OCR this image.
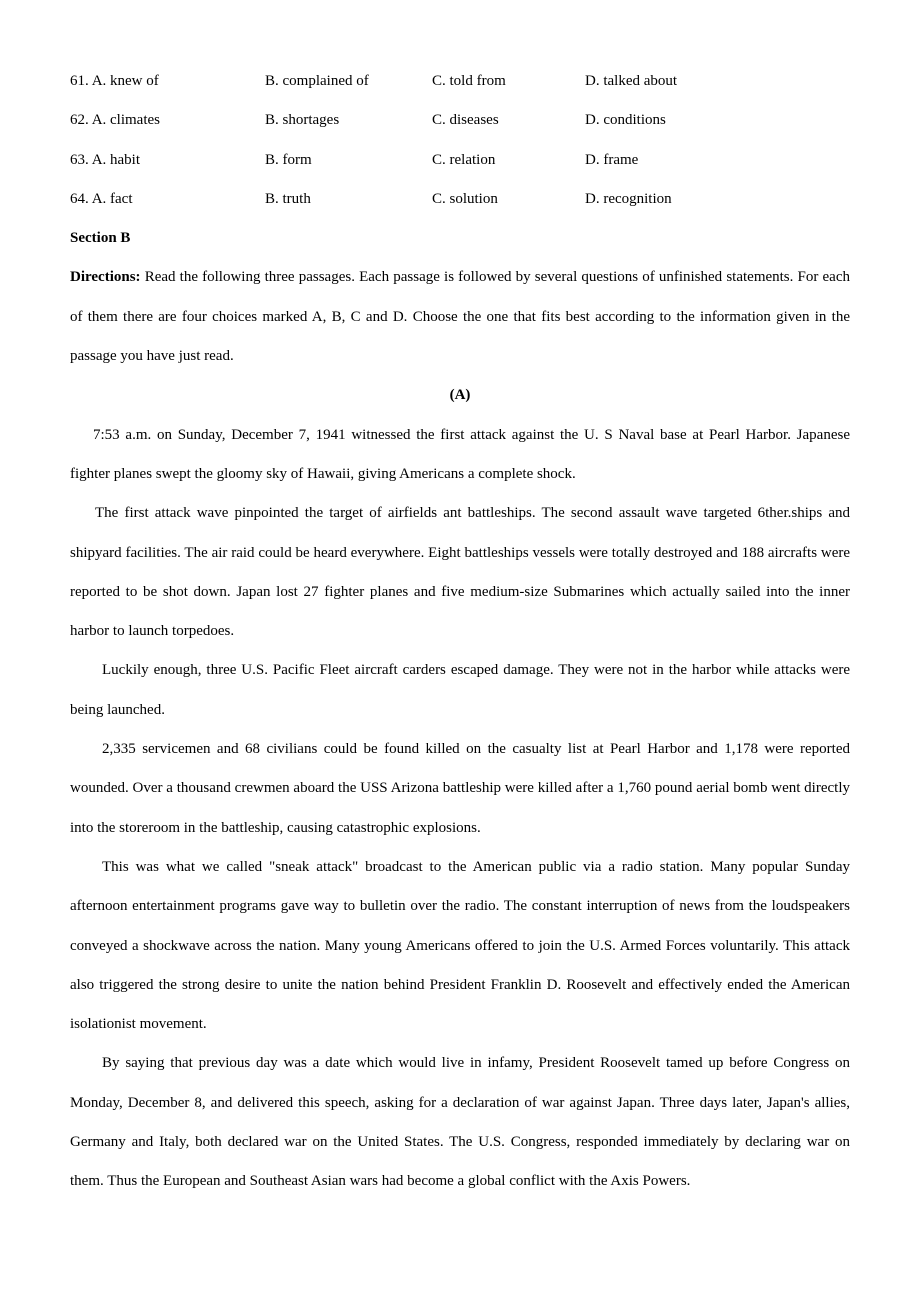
61. A. knew of	B. complained of	C. told from	D. talked about
62. A. climates	B. shortages	C. diseases	D. conditions
63. A. habit	B. form	C. relation	D. frame
64. A. fact	B. truth	C. solution	D. recognition
Section B

Directions: Read the following three passages. Each passage is followed by several questions of unfinished statements. For each of them there are four choices marked A, B, C and D. Choose the one that fits best according to the information given in the passage you have just read.

(A)

7:53 a.m. on Sunday, December 7, 1941 witnessed the first attack against the U. S Naval base at Pearl Harbor. Japanese fighter planes swept the gloomy sky of Hawaii, giving Americans a complete shock.

The first attack wave pinpointed the target of airfields ant battleships. The second assault wave targeted 6ther.ships and shipyard facilities. The air raid could be heard everywhere. Eight battleships vessels were totally destroyed and 188 aircrafts were reported to be shot down. Japan lost 27 fighter planes and five medium-size Submarines which actually sailed into the inner harbor to launch torpedoes.

Luckily enough, three U.S. Pacific Fleet aircraft carders escaped damage. They were not in the harbor while attacks were being launched.

2,335 servicemen and 68 civilians could be found killed on the casualty list at Pearl Harbor and 1,178 were reported wounded. Over a thousand crewmen aboard the USS Arizona battleship were killed after a 1,760 pound aerial bomb went directly into the storeroom in the battleship, causing catastrophic explosions.

This was what we called "sneak attack" broadcast to the American public via a radio station. Many popular Sunday afternoon entertainment programs gave way to bulletin over the radio. The constant interruption of news from the loudspeakers conveyed a shockwave across the nation. Many young Americans offered to join the U.S. Armed Forces voluntarily. This attack also triggered the strong desire to unite the nation behind President Franklin D. Roosevelt and effectively ended the American isolationist movement.

By saying that previous day was a date which would live in infamy, President Roosevelt tamed up before Congress on Monday, December 8, and delivered this speech, asking for a declaration of war against Japan. Three days later, Japan's allies, Germany and Italy, both declared war on the United States. The U.S. Congress, responded immediately by declaring war on them. Thus the European and Southeast Asian wars had become a global conflict with the Axis Powers.
